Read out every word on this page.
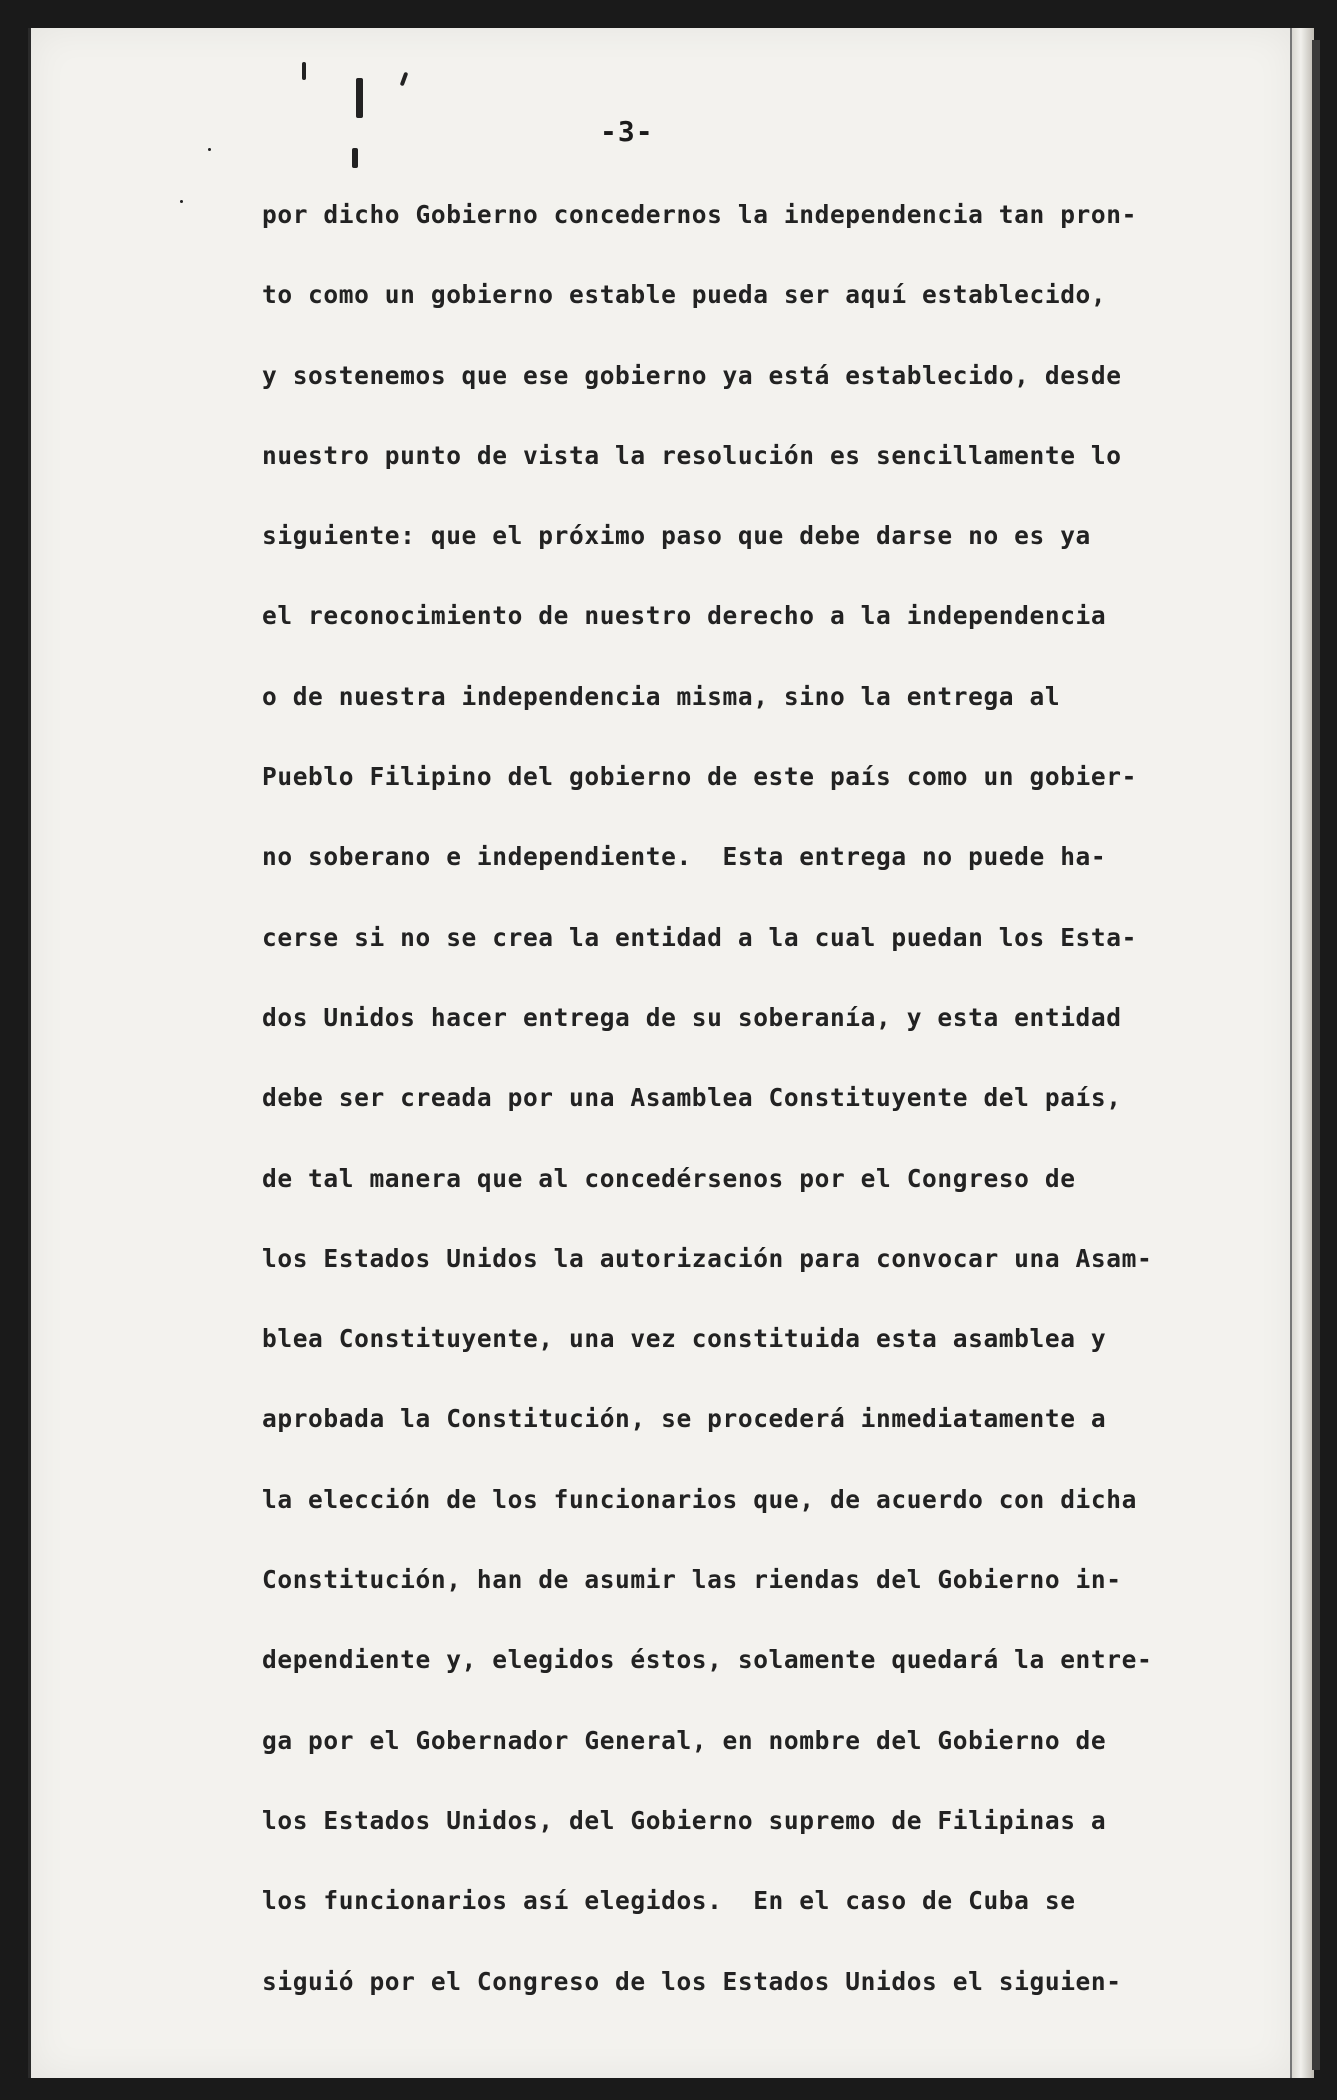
-3-
por dicho Gobierno concedernos la independencia tan pron-
to como un gobierno estable pueda ser aquí establecido,
y sostenemos que ese gobierno ya está establecido, desde
nuestro punto de vista la resolución es sencillamente lo
siguiente: que el próximo paso que debe darse no es ya
el reconocimiento de nuestro derecho a la independencia
o de nuestra independencia misma, sino la entrega al
Pueblo Filipino del gobierno de este país como un gobier-
no soberano e independiente.  Esta entrega no puede ha-
cerse si no se crea la entidad a la cual puedan los Esta-
dos Unidos hacer entrega de su soberanía, y esta entidad
debe ser creada por una Asamblea Constituyente del país,
de tal manera que al concedérsenos por el Congreso de
los Estados Unidos la autorización para convocar una Asam-
blea Constituyente, una vez constituida esta asamblea y
aprobada la Constitución, se procederá inmediatamente a
la elección de los funcionarios que, de acuerdo con dicha
Constitución, han de asumir las riendas del Gobierno in-
dependiente y, elegidos éstos, solamente quedará la entre-
ga por el Gobernador General, en nombre del Gobierno de
los Estados Unidos, del Gobierno supremo de Filipinas a
los funcionarios así elegidos.  En el caso de Cuba se
siguió por el Congreso de los Estados Unidos el siguien-
